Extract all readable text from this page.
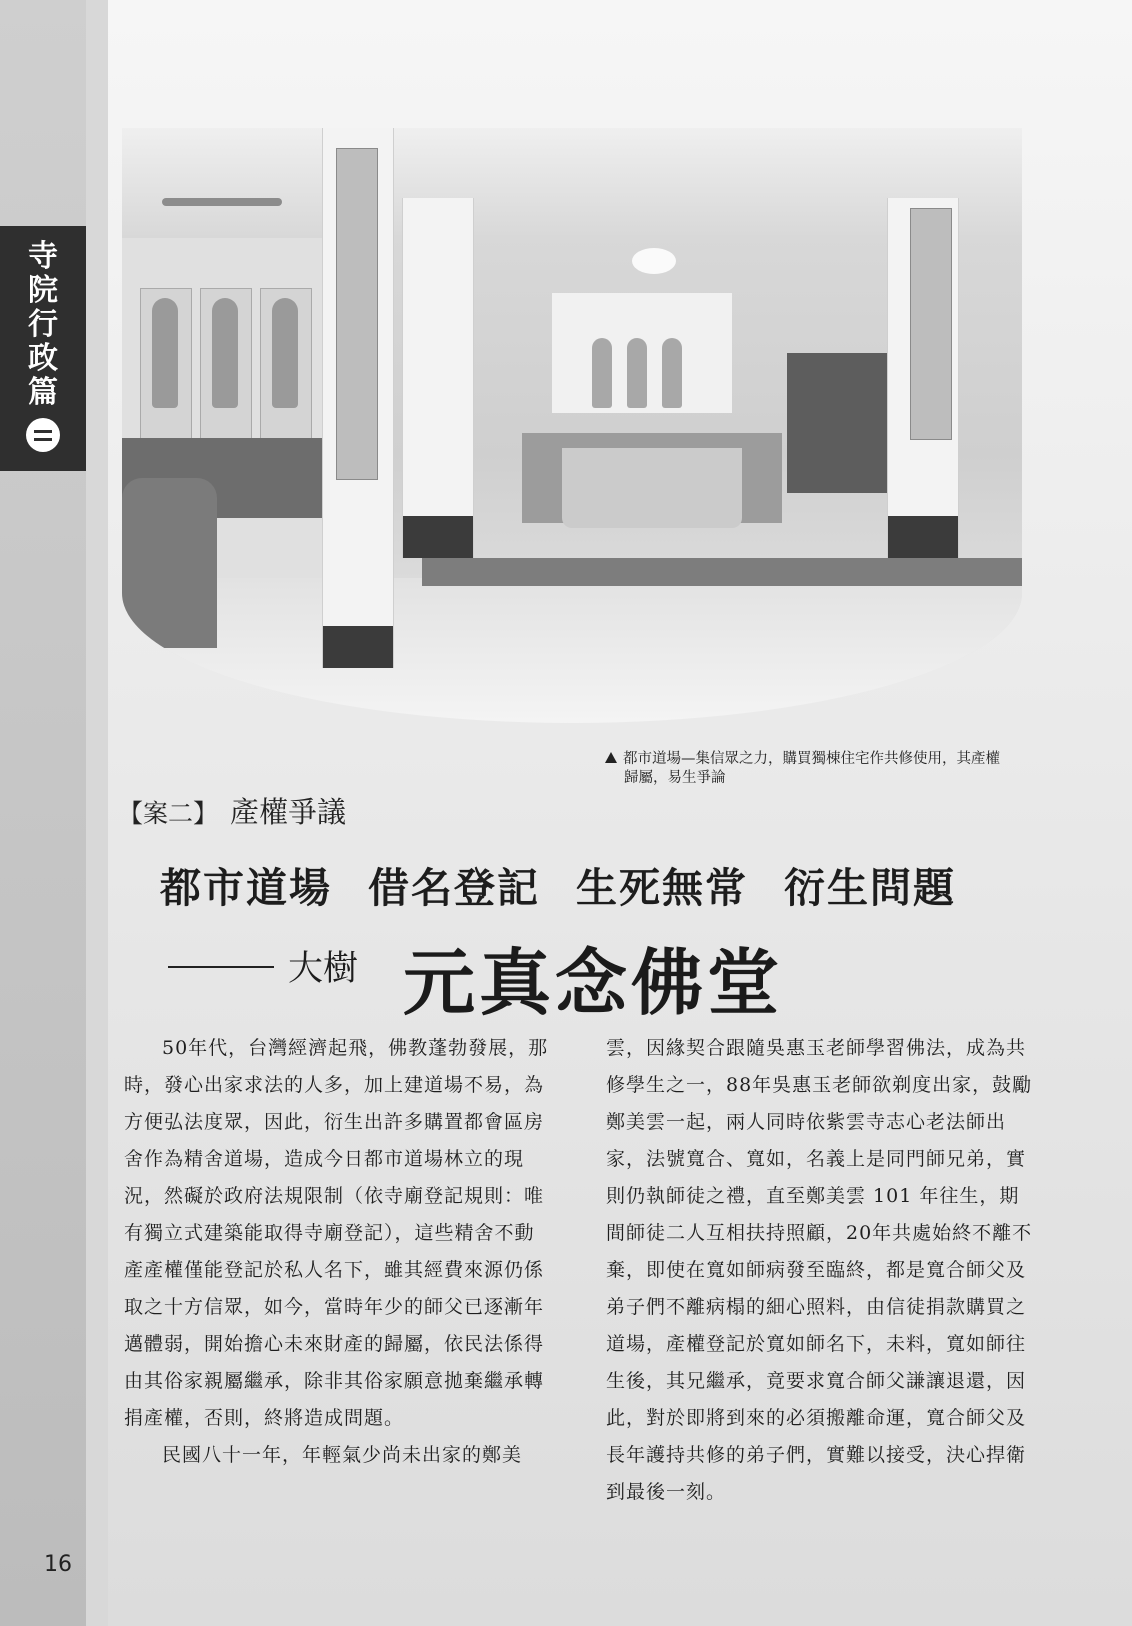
寺
院
行
政
篇
都市道場—集信眾之力，購買獨棟住宅作共修使用，其產權
歸屬，易生爭論
【案二】 產權爭議
都市道場 借名登記 生死無常 衍生問題
大樹 元真念佛堂

50年代，台灣經濟起飛，佛教蓬勃發展，那時，發心出家求法的人多，加上建道場不易，為方便弘法度眾，因此，衍生出許多購置都會區房舍作為精舍道場，造成今日都市道場林立的現況，然礙於政府法規限制（依寺廟登記規則：唯有獨立式建築能取得寺廟登記），這些精舍不動產產權僅能登記於私人名下，雖其經費來源仍係取之十方信眾，如今，當時年少的師父已逐漸年邁體弱，開始擔心未來財產的歸屬，依民法係得由其俗家親屬繼承，除非其俗家願意拋棄繼承轉捐產權，否則，終將造成問題。

民國八十一年，年輕氣少尚未出家的鄭美

雲，因緣契合跟隨吳惠玉老師學習佛法，成為共修學生之一，88年吳惠玉老師欲剃度出家，鼓勵鄭美雲一起，兩人同時依紫雲寺志心老法師出家，法號寬合、寬如，名義上是同門師兄弟，實則仍執師徒之禮，直至鄭美雲 101 年往生，期間師徒二人互相扶持照顧，20年共處始終不離不棄，即使在寬如師病發至臨終，都是寬合師父及弟子們不離病榻的細心照料，由信徒捐款購買之道場，產權登記於寬如師名下，未料，寬如師往生後，其兄繼承，竟要求寬合師父謙讓退還，因此，對於即將到來的必須搬離命運，寬合師父及長年護持共修的弟子們，實難以接受，決心捍衛到最後一刻。

16
